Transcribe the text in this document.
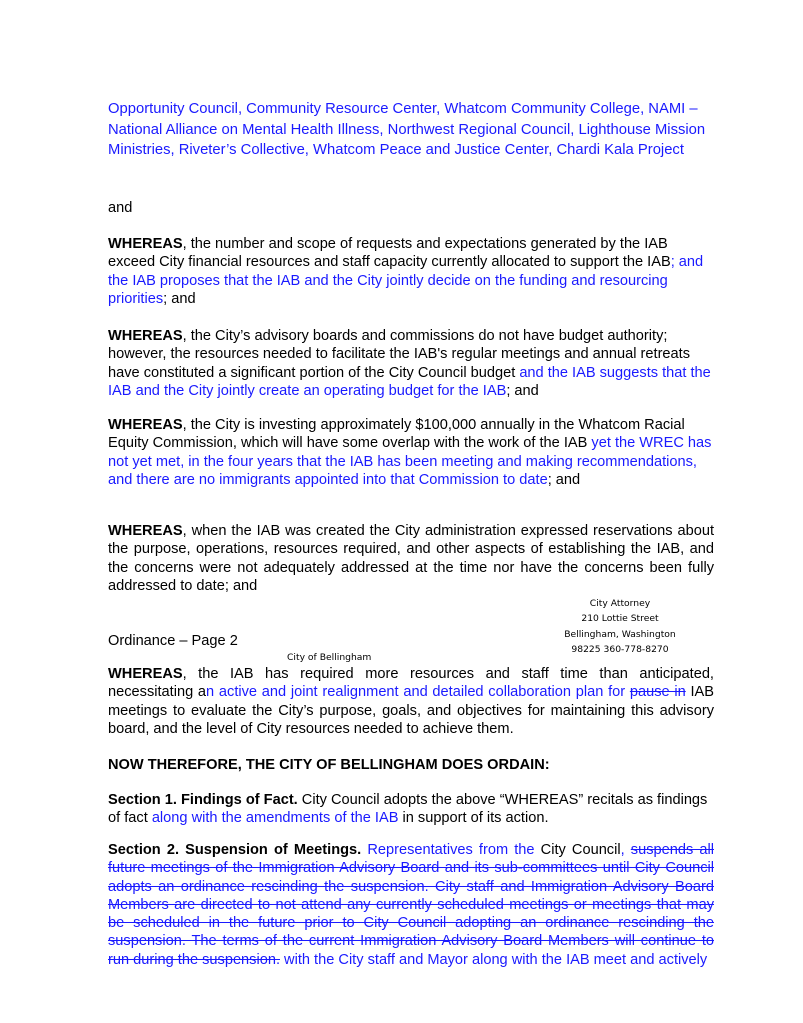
Opportunity Council, Community Resource Center, Whatcom Community College, NAMI – National Alliance on Mental Health Illness, Northwest Regional Council, Lighthouse Mission Ministries, Riveter’s Collective, Whatcom Peace and Justice Center, Chardi Kala Project
and

WHEREAS, the number and scope of requests and expectations generated by the IAB exceed City financial resources and staff capacity currently allocated to support the IAB; and the IAB proposes that the IAB and the City jointly decide on the funding and resourcing priorities; and

WHEREAS, the City’s advisory boards and commissions do not have budget authority; however, the resources needed to facilitate the IAB's regular meetings and annual retreats have constituted a significant portion of the City Council budget and the IAB suggests that the IAB and the City jointly create an operating budget for the IAB; and

WHEREAS, the City is investing approximately $100,000 annually in the Whatcom Racial Equity Commission, which will have some overlap with the work of the IAB yet the WREC has not yet met, in the four years that the IAB has been meeting and making recommendations, and there are no immigrants appointed into that Commission to date; and

WHEREAS, when the IAB was created the City administration expressed reservations about the purpose, operations, resources required, and other aspects of establishing the IAB, and the concerns were not adequately addressed at the time nor have the concerns been fully addressed to date; and

City Attorney
210 Lottie Street
Bellingham, Washington
98225 360-778-8270
Ordinance – Page 2
City of Bellingham

WHEREAS, the IAB has required more resources and staff time than anticipated, necessitating an active and joint realignment and detailed collaboration plan for pause in IAB meetings to evaluate the City’s purpose, goals, and objectives for maintaining this advisory board, and the level of City resources needed to achieve them.

NOW THEREFORE, THE CITY OF BELLINGHAM DOES ORDAIN:

Section 1. Findings of Fact. City Council adopts the above “WHEREAS” recitals as findings of fact along with the amendments of the IAB in support of its action.

Section 2. Suspension of Meetings. Representatives from the City Council, suspends all future meetings of the Immigration Advisory Board and its sub-committees until City Council adopts an ordinance rescinding the suspension. City staff and Immigration Advisory Board Members are directed to not attend any currently scheduled meetings or meetings that may be scheduled in the future prior to City Council adopting an ordinance rescinding the suspension. The terms of the current Immigration Advisory Board Members will continue to run during the suspension. with the City staff and Mayor along with the IAB meet and actively
